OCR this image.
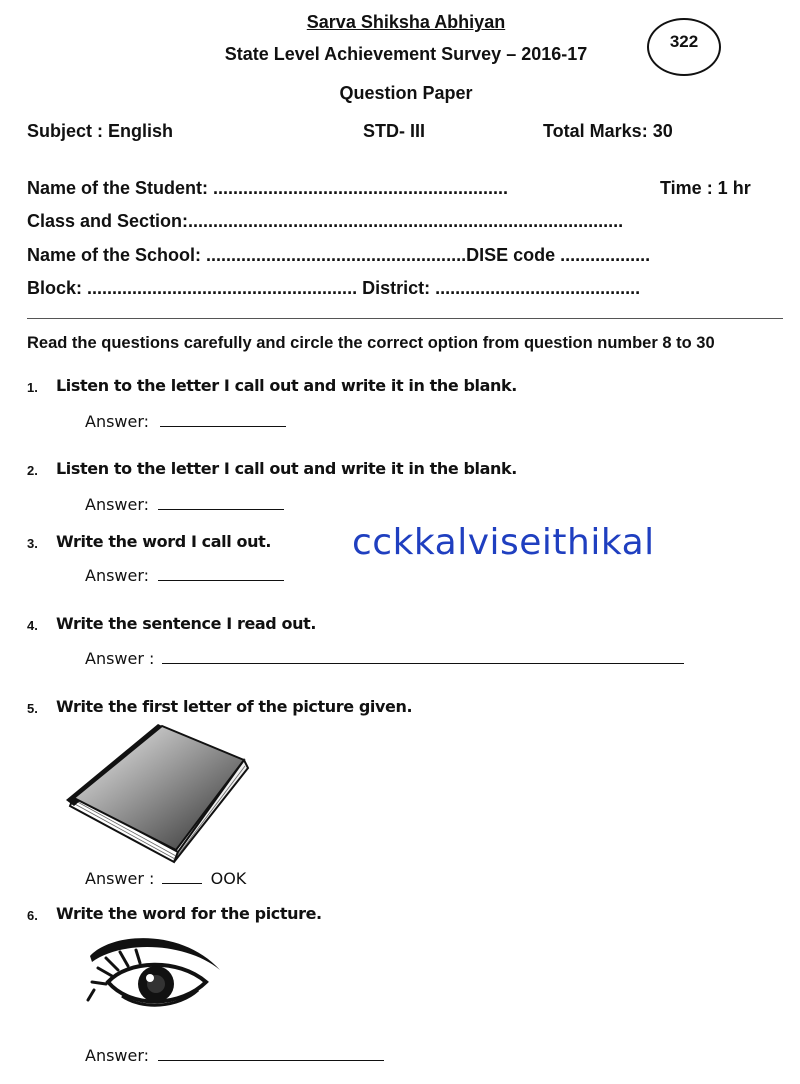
Sarva Shiksha Abhiyan
State Level Achievement Survey – 2016-17
Question Paper
322
Subject : English	STD- III	Total Marks: 30
Name of the Student: ...........................................................	Time : 1 hr
Class and Section:.......................................................................................
Name of the School: ....................................................DISE code ..................
Block: ...................................................... District: .........................................
Read the questions carefully and circle the correct option from question number 8 to 30
1. Listen to the letter I call out and write it in the blank.
Answer:
2. Listen to the letter I call out and write it in the blank.
Answer:
3. Write the word I call out.
Answer:
cckkalviseithikal
4. Write the sentence I read out.
Answer :
5. Write the first letter of the picture given.
Answer :	OOK
6. Write the word for the picture.
Answer:
